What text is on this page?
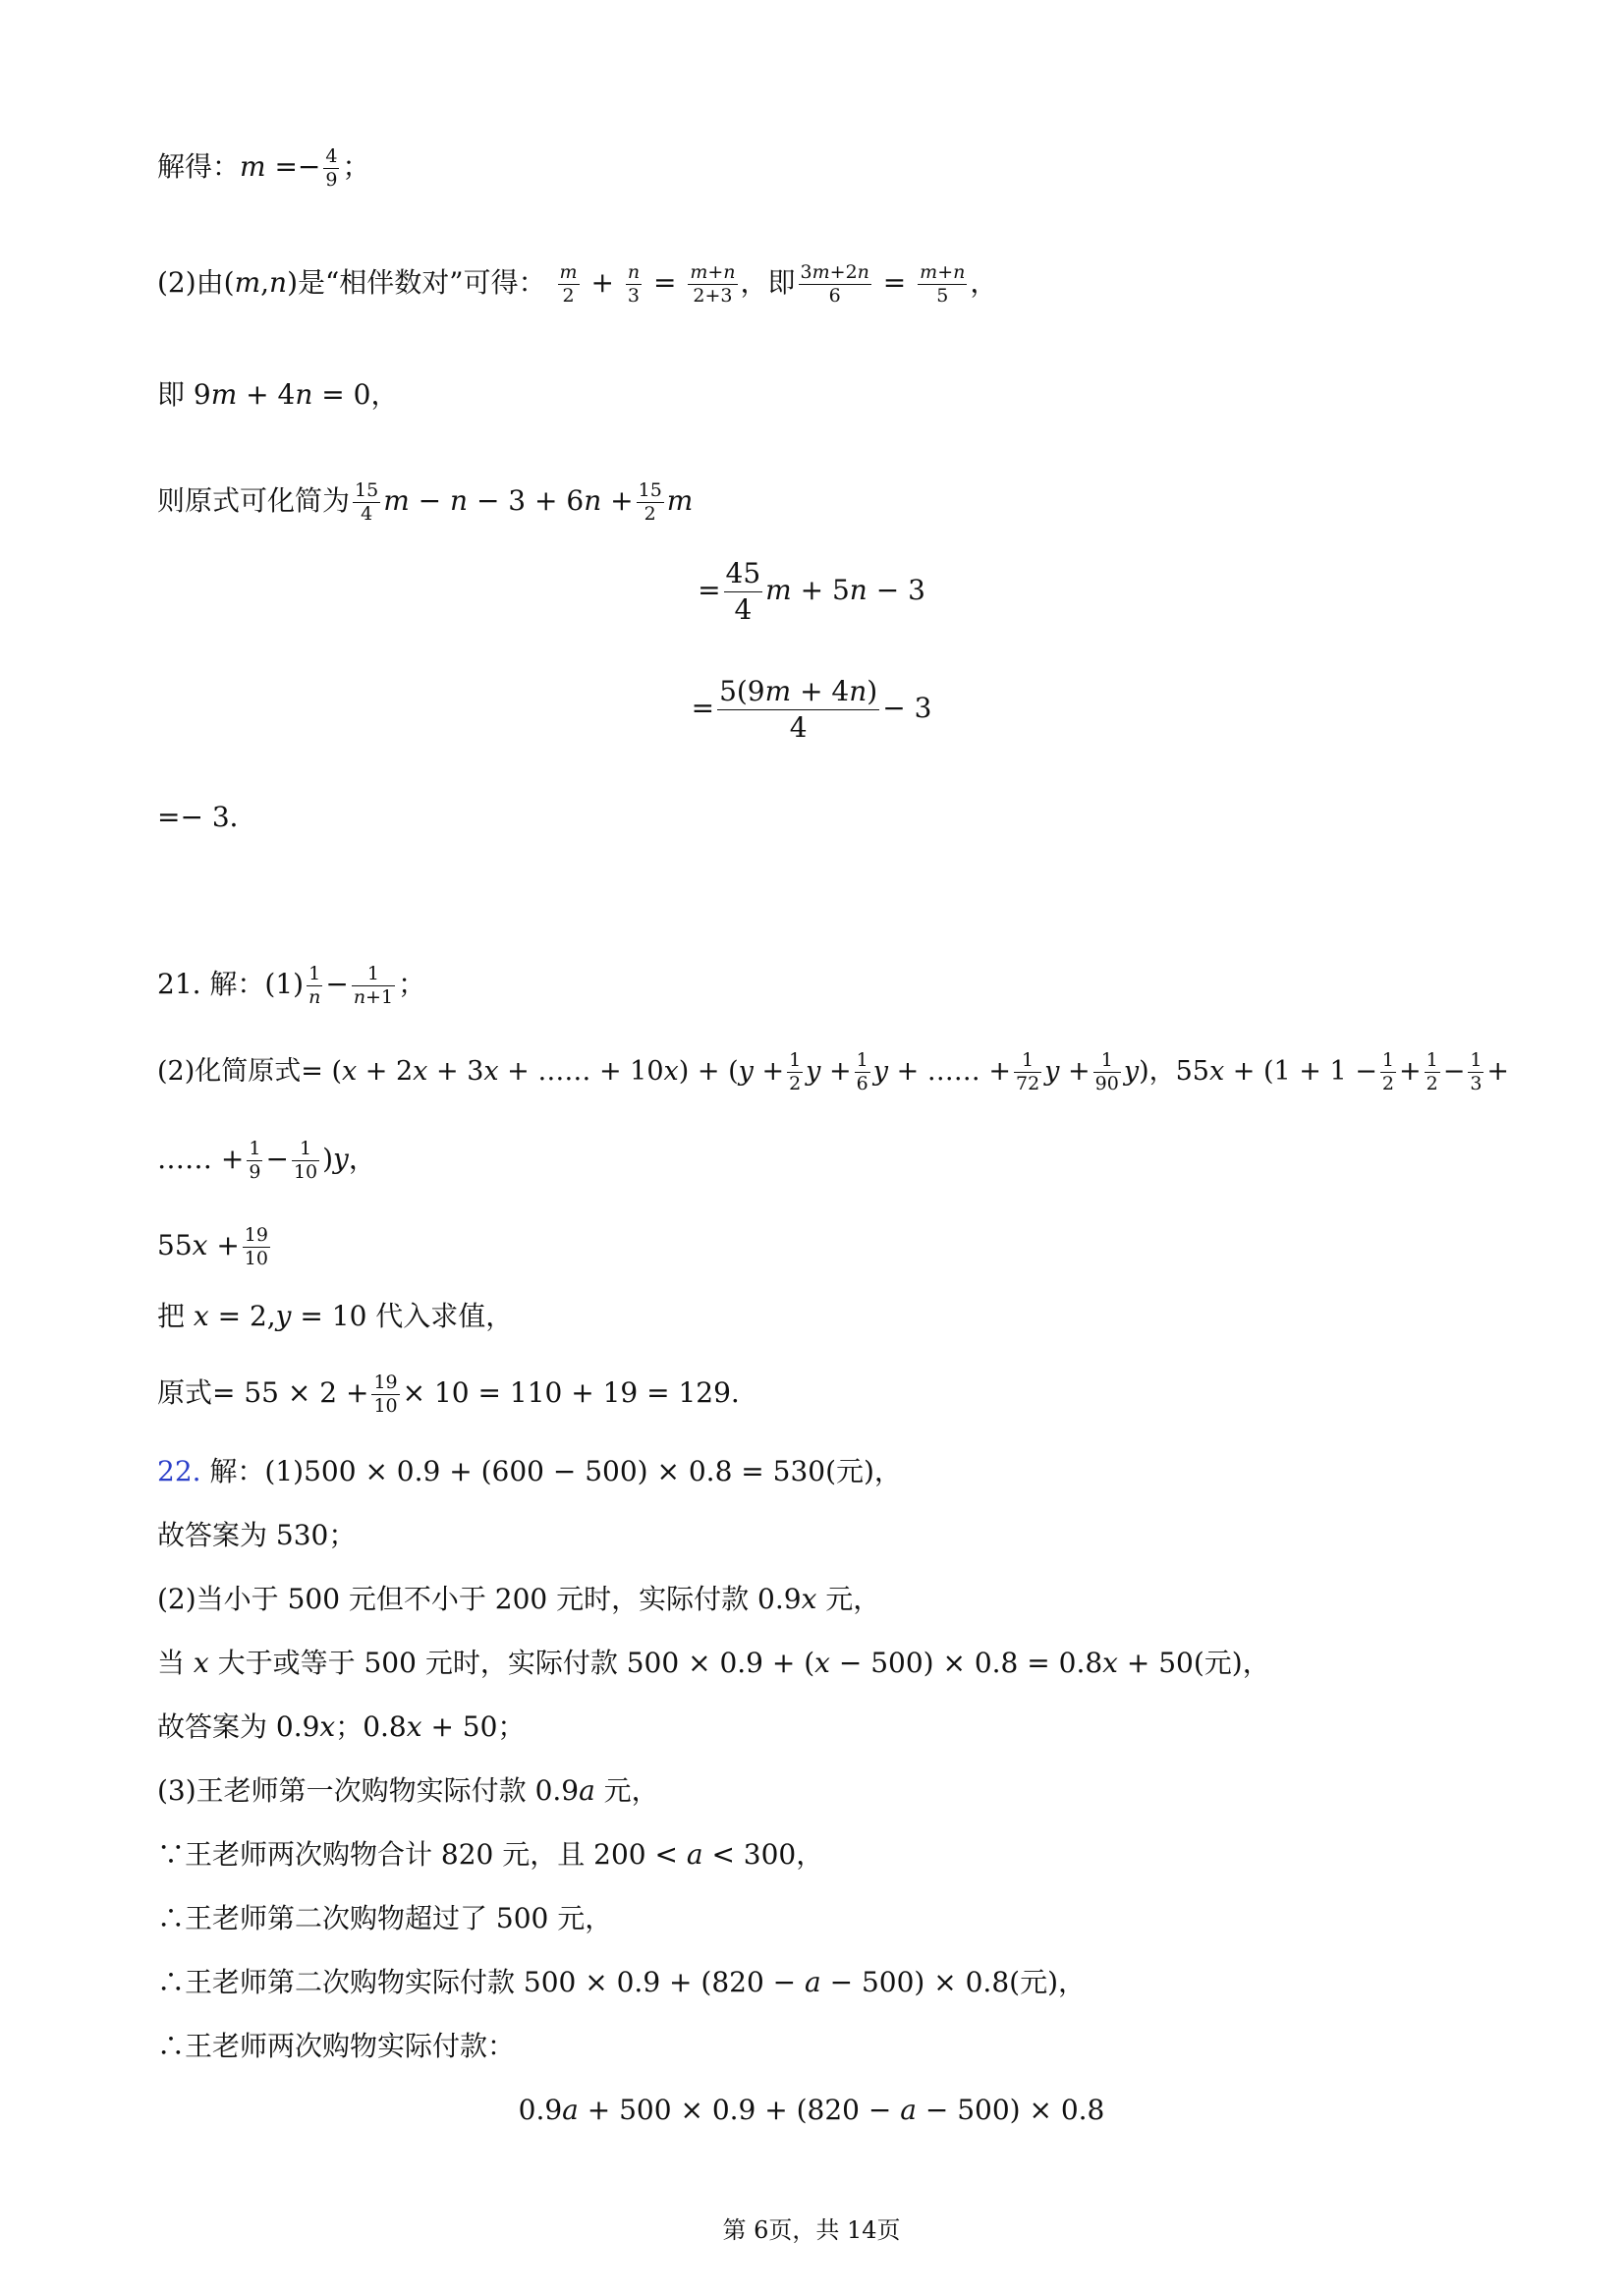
解得：𝑚 =− $\frac{4}{9}$ ；
(2)由(𝑚,𝑛)是“相伴数对”可得： $\frac{\text{𝑚}}{2} + \frac{\text{𝑛}}{3} = \frac{\text{𝑚+𝑛}}{2+3}$ ，即 $\frac{\text{3𝑚+2𝑛}}{6} = \frac{\text{𝑚+𝑛}}{5}$ ，
即 9𝑚 + 4𝑛 = 0，
则原式可化简为 $\frac{15}{4}$ 𝑚 − 𝑛 − 3 + 6𝑛 + $\frac{15}{2}$ 𝑚
= $\frac{45}{4}$ 𝑚 + 5𝑛 − 3
= $\frac{\text{5(9𝑚 + 4𝑛)}}{4} - 3$
=− 3．
21. 解：$(1) \frac{1}{\text{𝑛}} - \frac{1}{\text{𝑛+1}}$ ；
(2)化简原式= (𝑥 + 2𝑥 + 3𝑥 + …… + 10𝑥) + (𝑦 + $\frac{1}{2}$ 𝑦 + $\frac{1}{6}$ 𝑦 + …… + $\frac{1}{72}$ 𝑦 + $\frac{1}{90}$ 𝑦)，55𝑥 + ($1 + 1 - \frac{1}{2} + \frac{1}{2} - \frac{1}{3}$ +
…… + $\frac{1}{9} - \frac{1}{10}$ )𝑦，
55𝑥 + $\frac{19}{10}$
把 𝑥 = 2,𝑦 = 10 代入求值，
原式= $55 \times 2 + \frac{19}{10} \times 10 = 110 + 19 = 129$.
22. 解：(1)500 × 0.9 + (600 − 500) × 0.8 = 530(元)，
故答案为 530；
(2)当小于 500 元但不小于 200 元时，实际付款 0.9𝑥 元，
当 𝑥 大于或等于 500 元时，实际付款 500 × 0.9 + (𝑥 − 500) × 0.8 = 0.8𝑥 + 50(元)，
故答案为 0.9𝑥；0.8𝑥 + 50；
(3)王老师第一次购物实际付款 0.9𝑎 元，
∵王老师两次购物合计 820 元，且 200 < 𝑎 < 300，
∴王老师第二次购物超过了 500 元，
∴王老师第二次购物实际付款 500 × 0.9 + (820 − 𝑎 − 500) × 0.8(元)，
∴王老师两次购物实际付款：
0.9𝑎 + 500 × 0.9 + (820 − 𝑎 − 500) × 0.8
第 6页，共 14页
